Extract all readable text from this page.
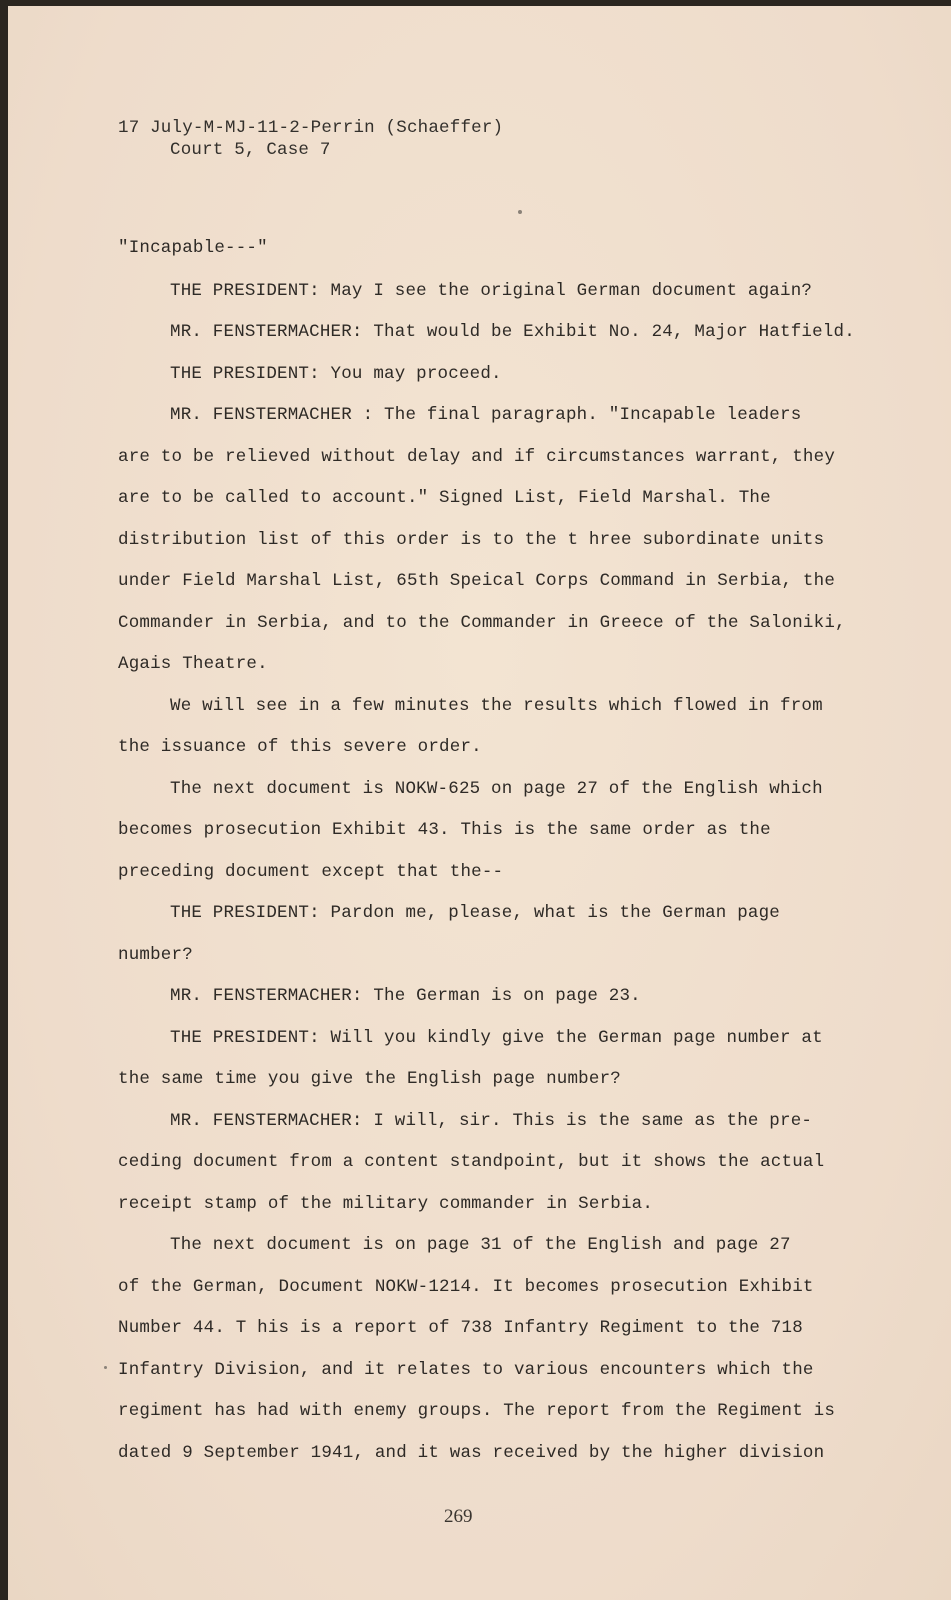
17 July-M-MJ-11-2-Perrin (Schaeffer)
Court 5, Case 7
"Incapable---"
THE PRESIDENT: May I see the original German document again?
MR. FENSTERMACHER: That would be Exhibit No. 24, Major Hatfield.
THE PRESIDENT: You may proceed.
MR. FENSTERMACHER : The final paragraph. "Incapable leaders
are to be relieved without delay and if circumstances warrant, they
are to be called to account." Signed List, Field Marshal. The
distribution list of this order is to the t hree subordinate units
under Field Marshal List, 65th Speical Corps Command in Serbia, the
Commander in Serbia, and to the Commander in Greece of the Saloniki,
Agais Theatre.
We will see in a few minutes the results which flowed in from
the issuance of this severe order.
The next document is NOKW-625 on page 27 of the English which
becomes prosecution Exhibit 43. This is the same order as the
preceding document except that the--
THE PRESIDENT: Pardon me, please, what is the German page
number?
MR. FENSTERMACHER: The German is on page 23.
THE PRESIDENT: Will you kindly give the German page number at
the same time you give the English page number?
MR. FENSTERMACHER: I will, sir. This is the same as the pre-
ceding document from a content standpoint, but it shows the actual
receipt stamp of the military commander in Serbia.
The next document is on page 31 of the English and page 27
of the German, Document NOKW-1214. It becomes prosecution Exhibit
Number 44. T his is a report of 738 Infantry Regiment to the 718
Infantry Division, and it relates to various encounters which the
regiment has had with enemy groups. The report from the Regiment is
dated 9 September 1941, and it was received by the higher division
269
